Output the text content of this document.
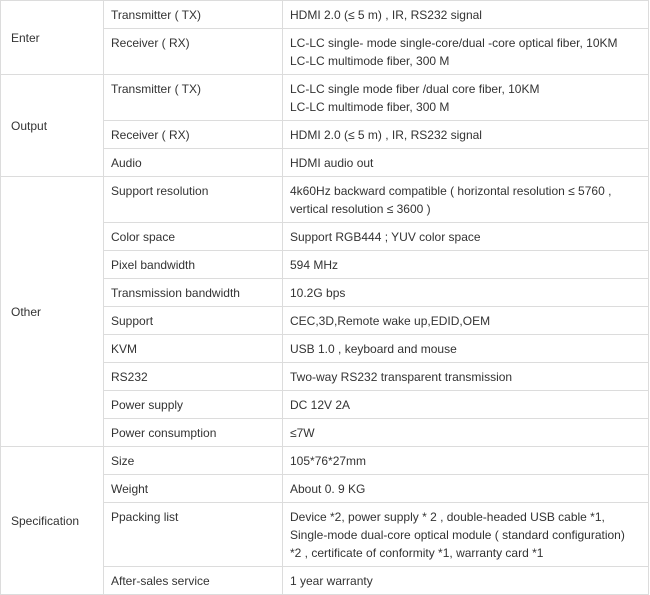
Enter	Transmitter ( TX)	HDMI 2.0 (≤ 5 m) , IR, RS232 signal

	Receiver ( RX)	LC-LC single- mode single-core/dual -core optical fiber, 10KM
LC-LC multimode fiber, 300 M

Output	Transmitter ( TX)	LC-LC single mode fiber /dual core fiber, 10KM
LC-LC multimode fiber, 300 M

	Receiver ( RX)	HDMI 2.0 (≤ 5 m) , IR, RS232 signal

	Audio	HDMI audio out

Other	Support resolution	4k60Hz backward compatible ( horizontal resolution ≤ 5760 ,
vertical resolution ≤ 3600 )

	Color space	Support RGB444 ; YUV color space

	Pixel bandwidth	594 MHz

	Transmission bandwidth	10.2G bps

	Support	CEC,3D,Remote wake up,EDID,OEM

	KVM	USB 1.0 , keyboard and mouse

	RS232	Two-way RS232 transparent transmission

	Power supply	DC 12V 2A

	Power consumption	≤7W

Specification	Size	105*76*27mm

	Weight	About 0. 9 KG

	Ppacking list	Device *2, power supply * 2 , double-headed USB cable *1,
Single-mode dual-core optical module ( standard configuration)
*2 , certificate of conformity *1, warranty card *1

	After-sales service	1 year warranty
